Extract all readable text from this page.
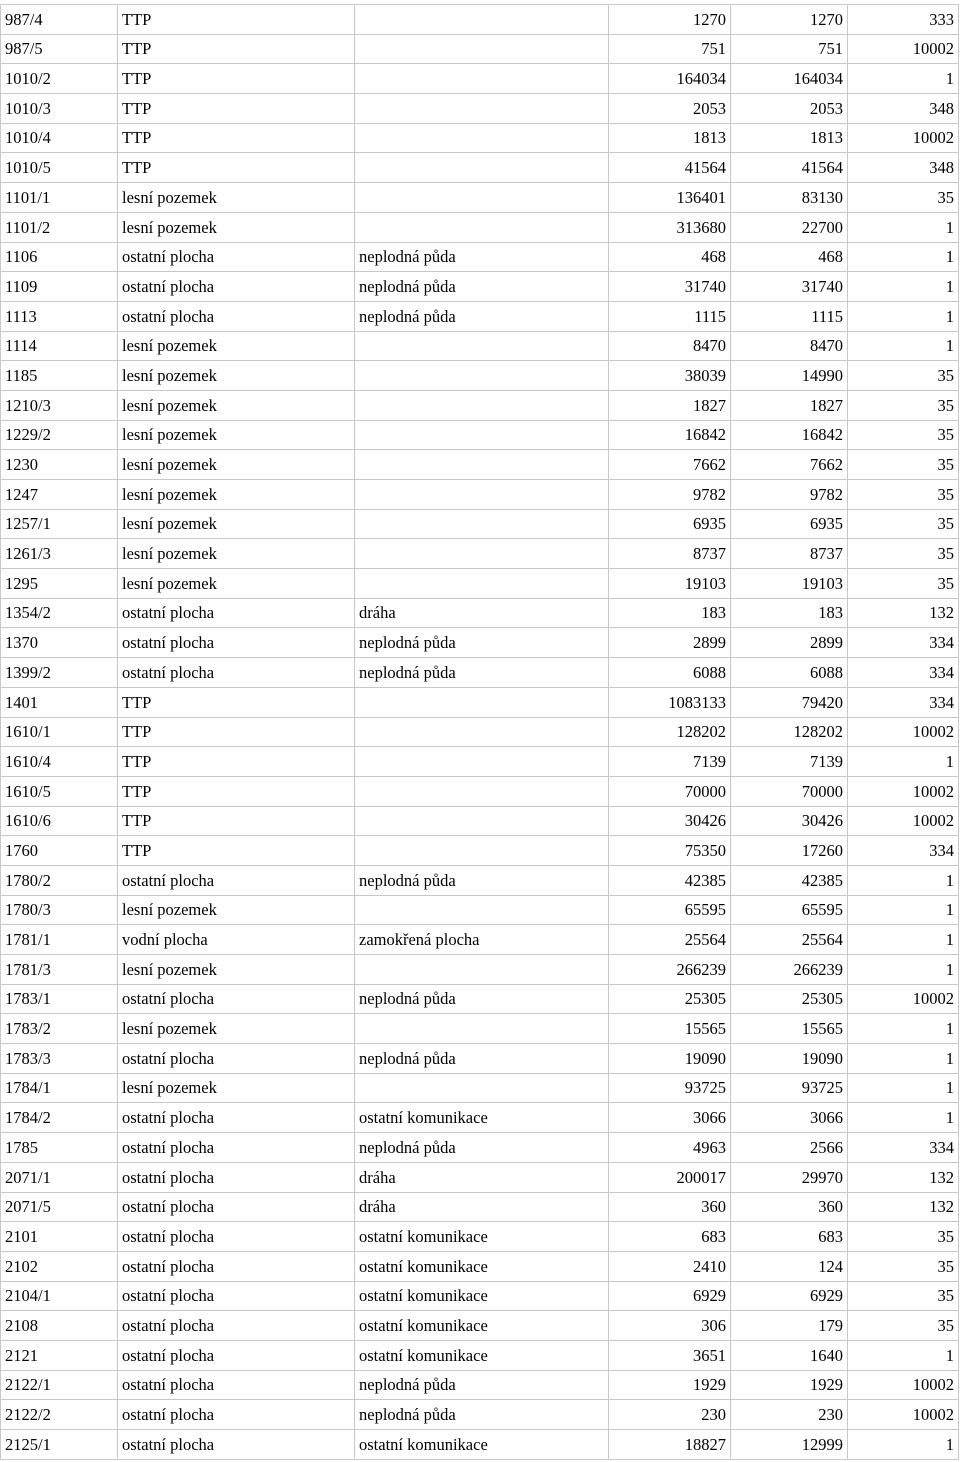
987/4	TTP		1270	1270	333
987/5	TTP		751	751	10002
1010/2	TTP		164034	164034	1
1010/3	TTP		2053	2053	348
1010/4	TTP		1813	1813	10002
1010/5	TTP		41564	41564	348
1101/1	lesní pozemek		136401	83130	35
1101/2	lesní pozemek		313680	22700	1
1106	ostatní plocha	neplodná půda	468	468	1
1109	ostatní plocha	neplodná půda	31740	31740	1
1113	ostatní plocha	neplodná půda	1115	1115	1
1114	lesní pozemek		8470	8470	1
1185	lesní pozemek		38039	14990	35
1210/3	lesní pozemek		1827	1827	35
1229/2	lesní pozemek		16842	16842	35
1230	lesní pozemek		7662	7662	35
1247	lesní pozemek		9782	9782	35
1257/1	lesní pozemek		6935	6935	35
1261/3	lesní pozemek		8737	8737	35
1295	lesní pozemek		19103	19103	35
1354/2	ostatní plocha	dráha	183	183	132
1370	ostatní plocha	neplodná půda	2899	2899	334
1399/2	ostatní plocha	neplodná půda	6088	6088	334
1401	TTP		1083133	79420	334
1610/1	TTP		128202	128202	10002
1610/4	TTP		7139	7139	1
1610/5	TTP		70000	70000	10002
1610/6	TTP		30426	30426	10002
1760	TTP		75350	17260	334
1780/2	ostatní plocha	neplodná půda	42385	42385	1
1780/3	lesní pozemek		65595	65595	1
1781/1	vodní plocha	zamokřená plocha	25564	25564	1
1781/3	lesní pozemek		266239	266239	1
1783/1	ostatní plocha	neplodná půda	25305	25305	10002
1783/2	lesní pozemek		15565	15565	1
1783/3	ostatní plocha	neplodná půda	19090	19090	1
1784/1	lesní pozemek		93725	93725	1
1784/2	ostatní plocha	ostatní komunikace	3066	3066	1
1785	ostatní plocha	neplodná půda	4963	2566	334
2071/1	ostatní plocha	dráha	200017	29970	132
2071/5	ostatní plocha	dráha	360	360	132
2101	ostatní plocha	ostatní komunikace	683	683	35
2102	ostatní plocha	ostatní komunikace	2410	124	35
2104/1	ostatní plocha	ostatní komunikace	6929	6929	35
2108	ostatní plocha	ostatní komunikace	306	179	35
2121	ostatní plocha	ostatní komunikace	3651	1640	1
2122/1	ostatní plocha	neplodná půda	1929	1929	10002
2122/2	ostatní plocha	neplodná půda	230	230	10002
2125/1	ostatní plocha	ostatní komunikace	18827	12999	1
